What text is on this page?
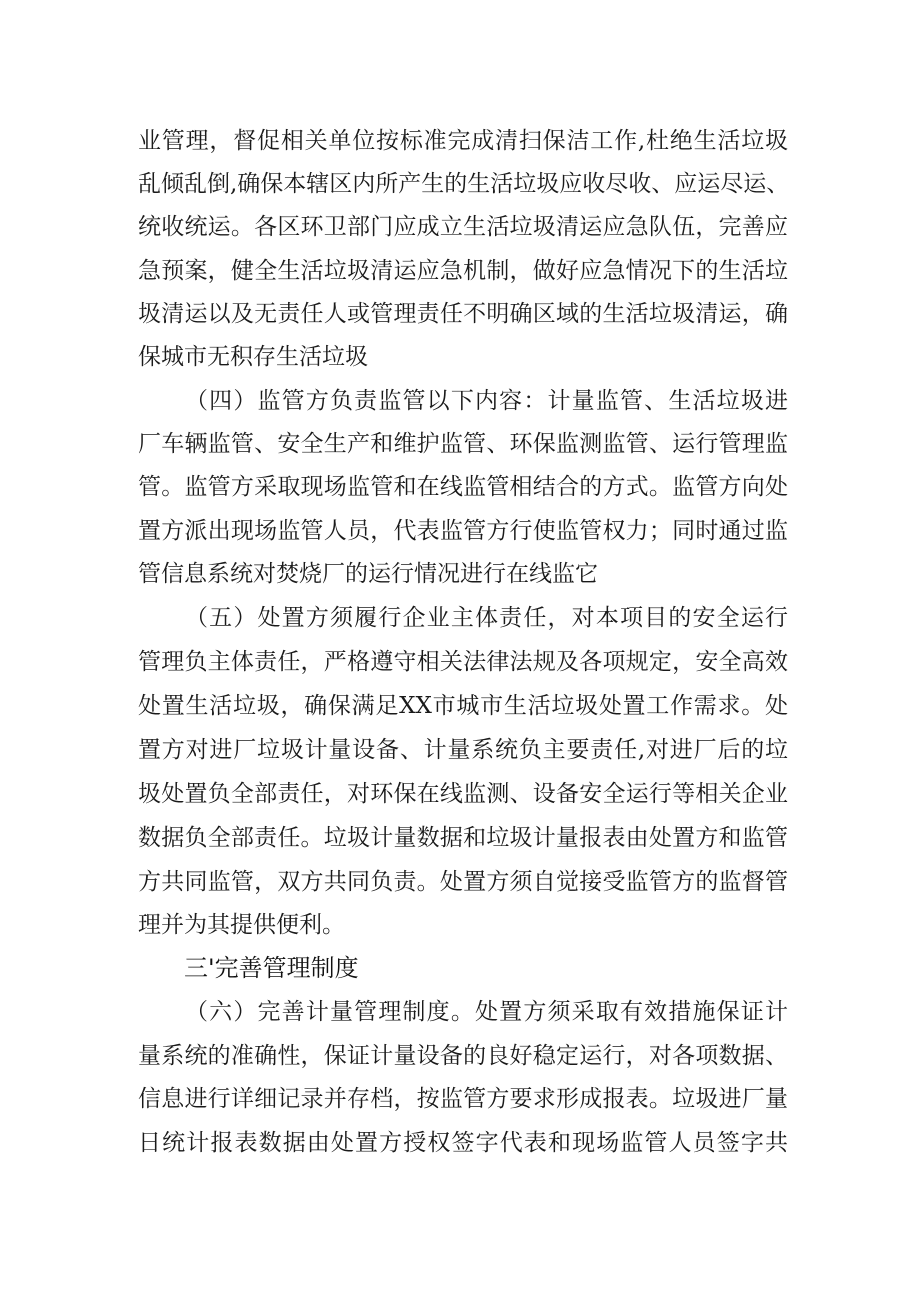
业管理，督促相关单位按标准完成清扫保洁工作,杜绝生活垃圾
乱倾乱倒,确保本辖区内所产生的生活垃圾应收尽收、应运尽运、
统收统运。各区环卫部门应成立生活垃圾清运应急队伍，完善应
急预案，健全生活垃圾清运应急机制，做好应急情况下的生活垃
圾清运以及无责任人或管理责任不明确区域的生活垃圾清运，确
保城市无积存生活垃圾
（四）监管方负责监管以下内容：计量监管、生活垃圾进
厂车辆监管、安全生产和维护监管、环保监测监管、运行管理监
管。监管方采取现场监管和在线监管相结合的方式。监管方向处
置方派出现场监管人员，代表监管方行使监管权力；同时通过监
管信息系统对焚烧厂的运行情况进行在线监它
（五）处置方须履行企业主体责任，对本项目的安全运行
管理负主体责任，严格遵守相关法律法规及各项规定，安全高效
处置生活垃圾，确保满足XX市城市生活垃圾处置工作需求。处
置方对进厂垃圾计量设备、计量系统负主要责任,对进厂后的垃
圾处置负全部责任，对环保在线监测、设备安全运行等相关企业
数据负全部责任。垃圾计量数据和垃圾计量报表由处置方和监管
方共同监管，双方共同负责。处置方须自觉接受监管方的监督管
理并为其提供便利。
三'完善管理制度
（六）完善计量管理制度。处置方须采取有效措施保证计
量系统的准确性，保证计量设备的良好稳定运行，对各项数据、
信息进行详细记录并存档，按监管方要求形成报表。垃圾进厂量
日统计报表数据由处置方授权签字代表和现场监管人员签字共
